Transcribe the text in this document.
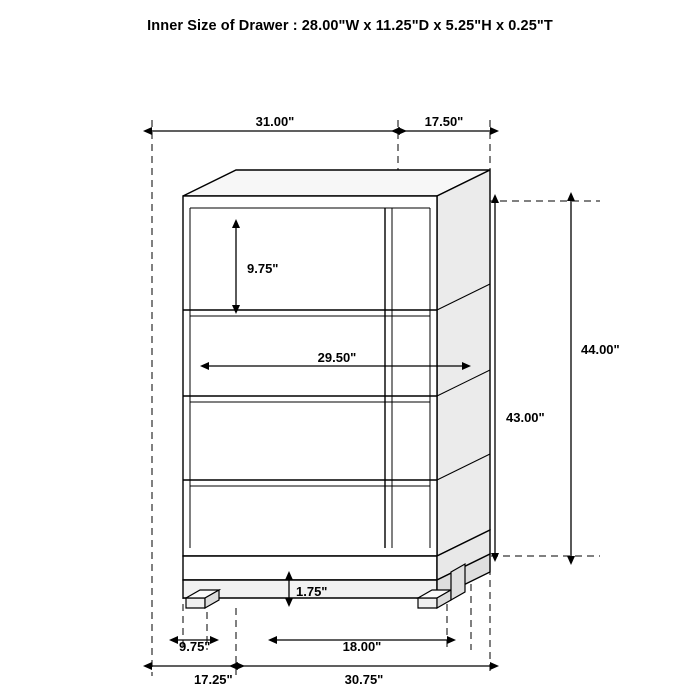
Inner Size of Drawer : 28.00"W x 11.25"D x 5.25"H x 0.25"T
31.00"	17.50"
9.75"
29.50"
43.00"
44.00"
1.75"
9.75"	18.00"
17.25"	30.75"
